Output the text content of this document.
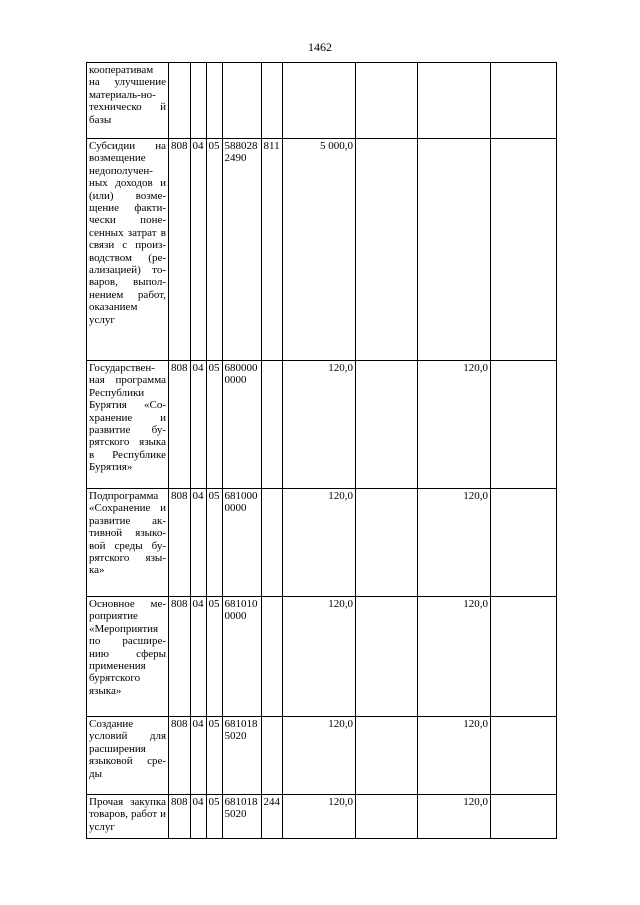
1462
кооперативам на улучшение материаль-но-техническо й базы									
Субсидии на возмещение недополучен-ных доходов и (или) возме-щение факти-чески поне-сенных затрат в связи с произ-водством (ре-ализацией) то-варов, выпол-нением работ, оказанием услуг	808	04	05	588028 2490	811	5 000,0			
Государствен-ная программа Республики Бурятия «Со-хранение и развитие бу-рятского языка в Республике Бурятия»	808	04	05	680000 0000		120,0		120,0	
Подпрограмма «Сохранение и развитие ак-тивной языко-вой среды бу-рятского язы-ка»	808	04	05	681000 0000		120,0		120,0	
Основное ме-роприятие «Мероприятия по расшире-нию сферы применения бурятского языка»	808	04	05	681010 0000		120,0		120,0	
Создание условий для расширения языковой сре-ды	808	04	05	681018 5020		120,0		120,0	
Прочая закупка товаров, работ и услуг	808	04	05	681018 5020	244	120,0		120,0	
